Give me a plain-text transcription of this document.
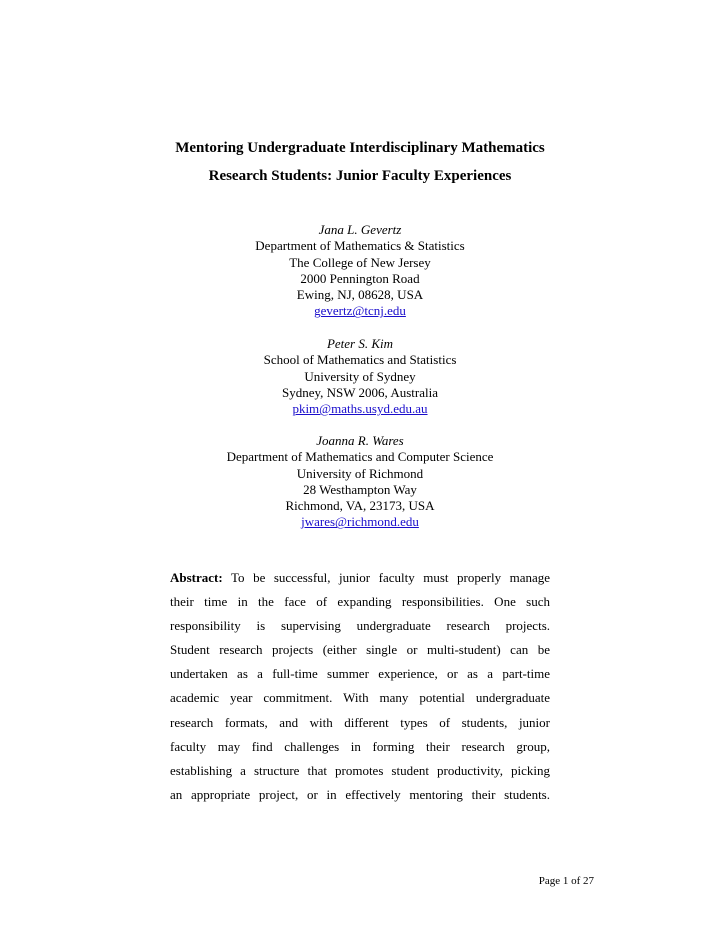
Mentoring Undergraduate Interdisciplinary Mathematics
Research Students: Junior Faculty Experiences
Jana L. Gevertz
Department of Mathematics & Statistics
The College of New Jersey
2000 Pennington Road
Ewing, NJ, 08628, USA
gevertz@tcnj.edu
Peter S. Kim
School of Mathematics and Statistics
University of Sydney
Sydney, NSW 2006, Australia
pkim@maths.usyd.edu.au
Joanna R. Wares
Department of Mathematics and Computer Science
University of Richmond
28 Westhampton Way
Richmond, VA, 23173, USA
jwares@richmond.edu
Abstract: To be successful, junior faculty must properly manage
their time in the face of expanding responsibilities. One such
responsibility is supervising undergraduate research projects.
Student research projects (either single or multi-student) can be
undertaken as a full-time summer experience, or as a part-time
academic year commitment. With many potential undergraduate
research formats, and with different types of students, junior
faculty may find challenges in forming their research group,
establishing a structure that promotes student productivity, picking
an appropriate project, or in effectively mentoring their students.
Page 1 of 27
